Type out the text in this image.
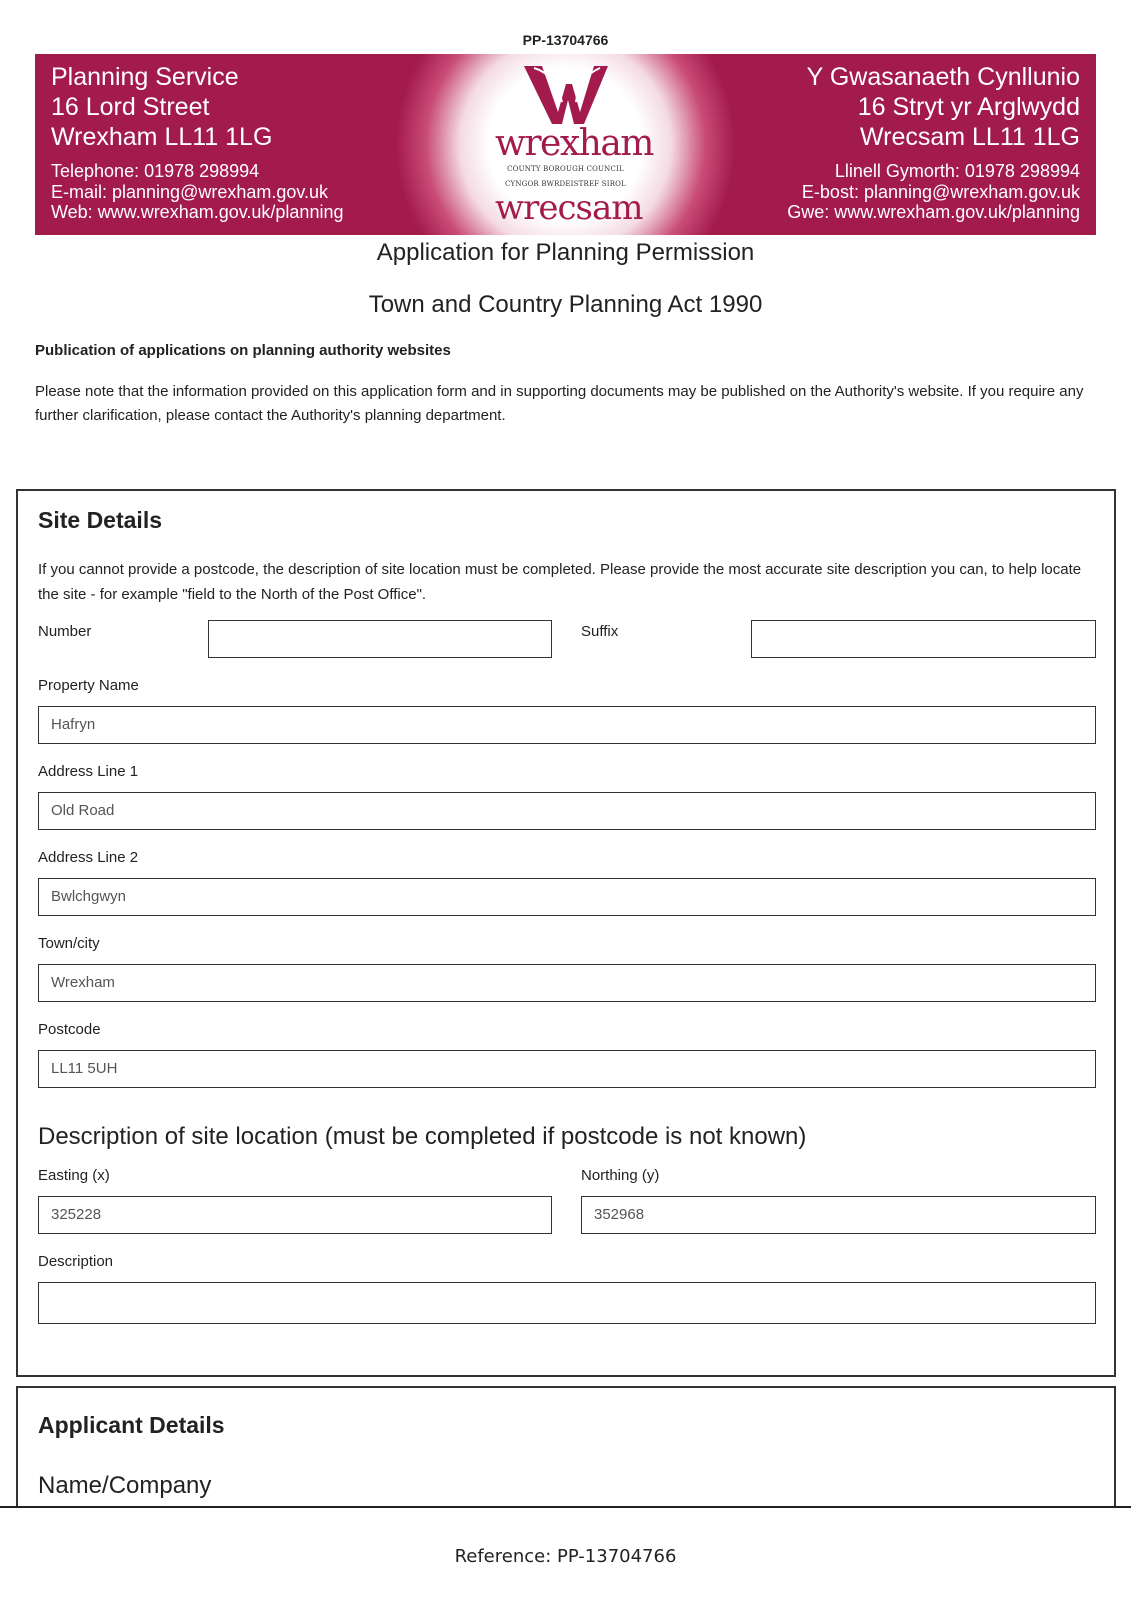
PP-13704766
Planning Service
16 Lord Street
Wrexham LL11 1LG
Telephone: 01978 298994
E-mail: planning@wrexham.gov.uk
Web: www.wrexham.gov.uk/planning
wrexham
COUNTY BOROUGH COUNCIL
CYNGOR BWRDEISTREF SIROL
wrecsam
Y Gwasanaeth Cynllunio
16 Stryt yr Arglwydd
Wrecsam LL11 1LG
Llinell Gymorth: 01978 298994
E-bost: planning@wrexham.gov.uk
Gwe: www.wrexham.gov.uk/planning
Application for Planning Permission
Town and Country Planning Act 1990
Publication of applications on planning authority websites
Please note that the information provided on this application form and in supporting documents may be published on the Authority's website. If you require any further clarification, please contact the Authority's planning department.
Site Details
If you cannot provide a postcode, the description of site location must be completed. Please provide the most accurate site description you can, to help locate the site - for example "field to the North of the Post Office".
Number	Suffix
Property Name
Hafryn
Address Line 1
Old Road
Address Line 2
Bwlchgwyn
Town/city
Wrexham
Postcode
LL11 5UH
Description of site location (must be completed if postcode is not known)
Easting (x)
325228
Northing (y)
352968
Description
Applicant Details
Name/Company
Reference: PP-13704766
